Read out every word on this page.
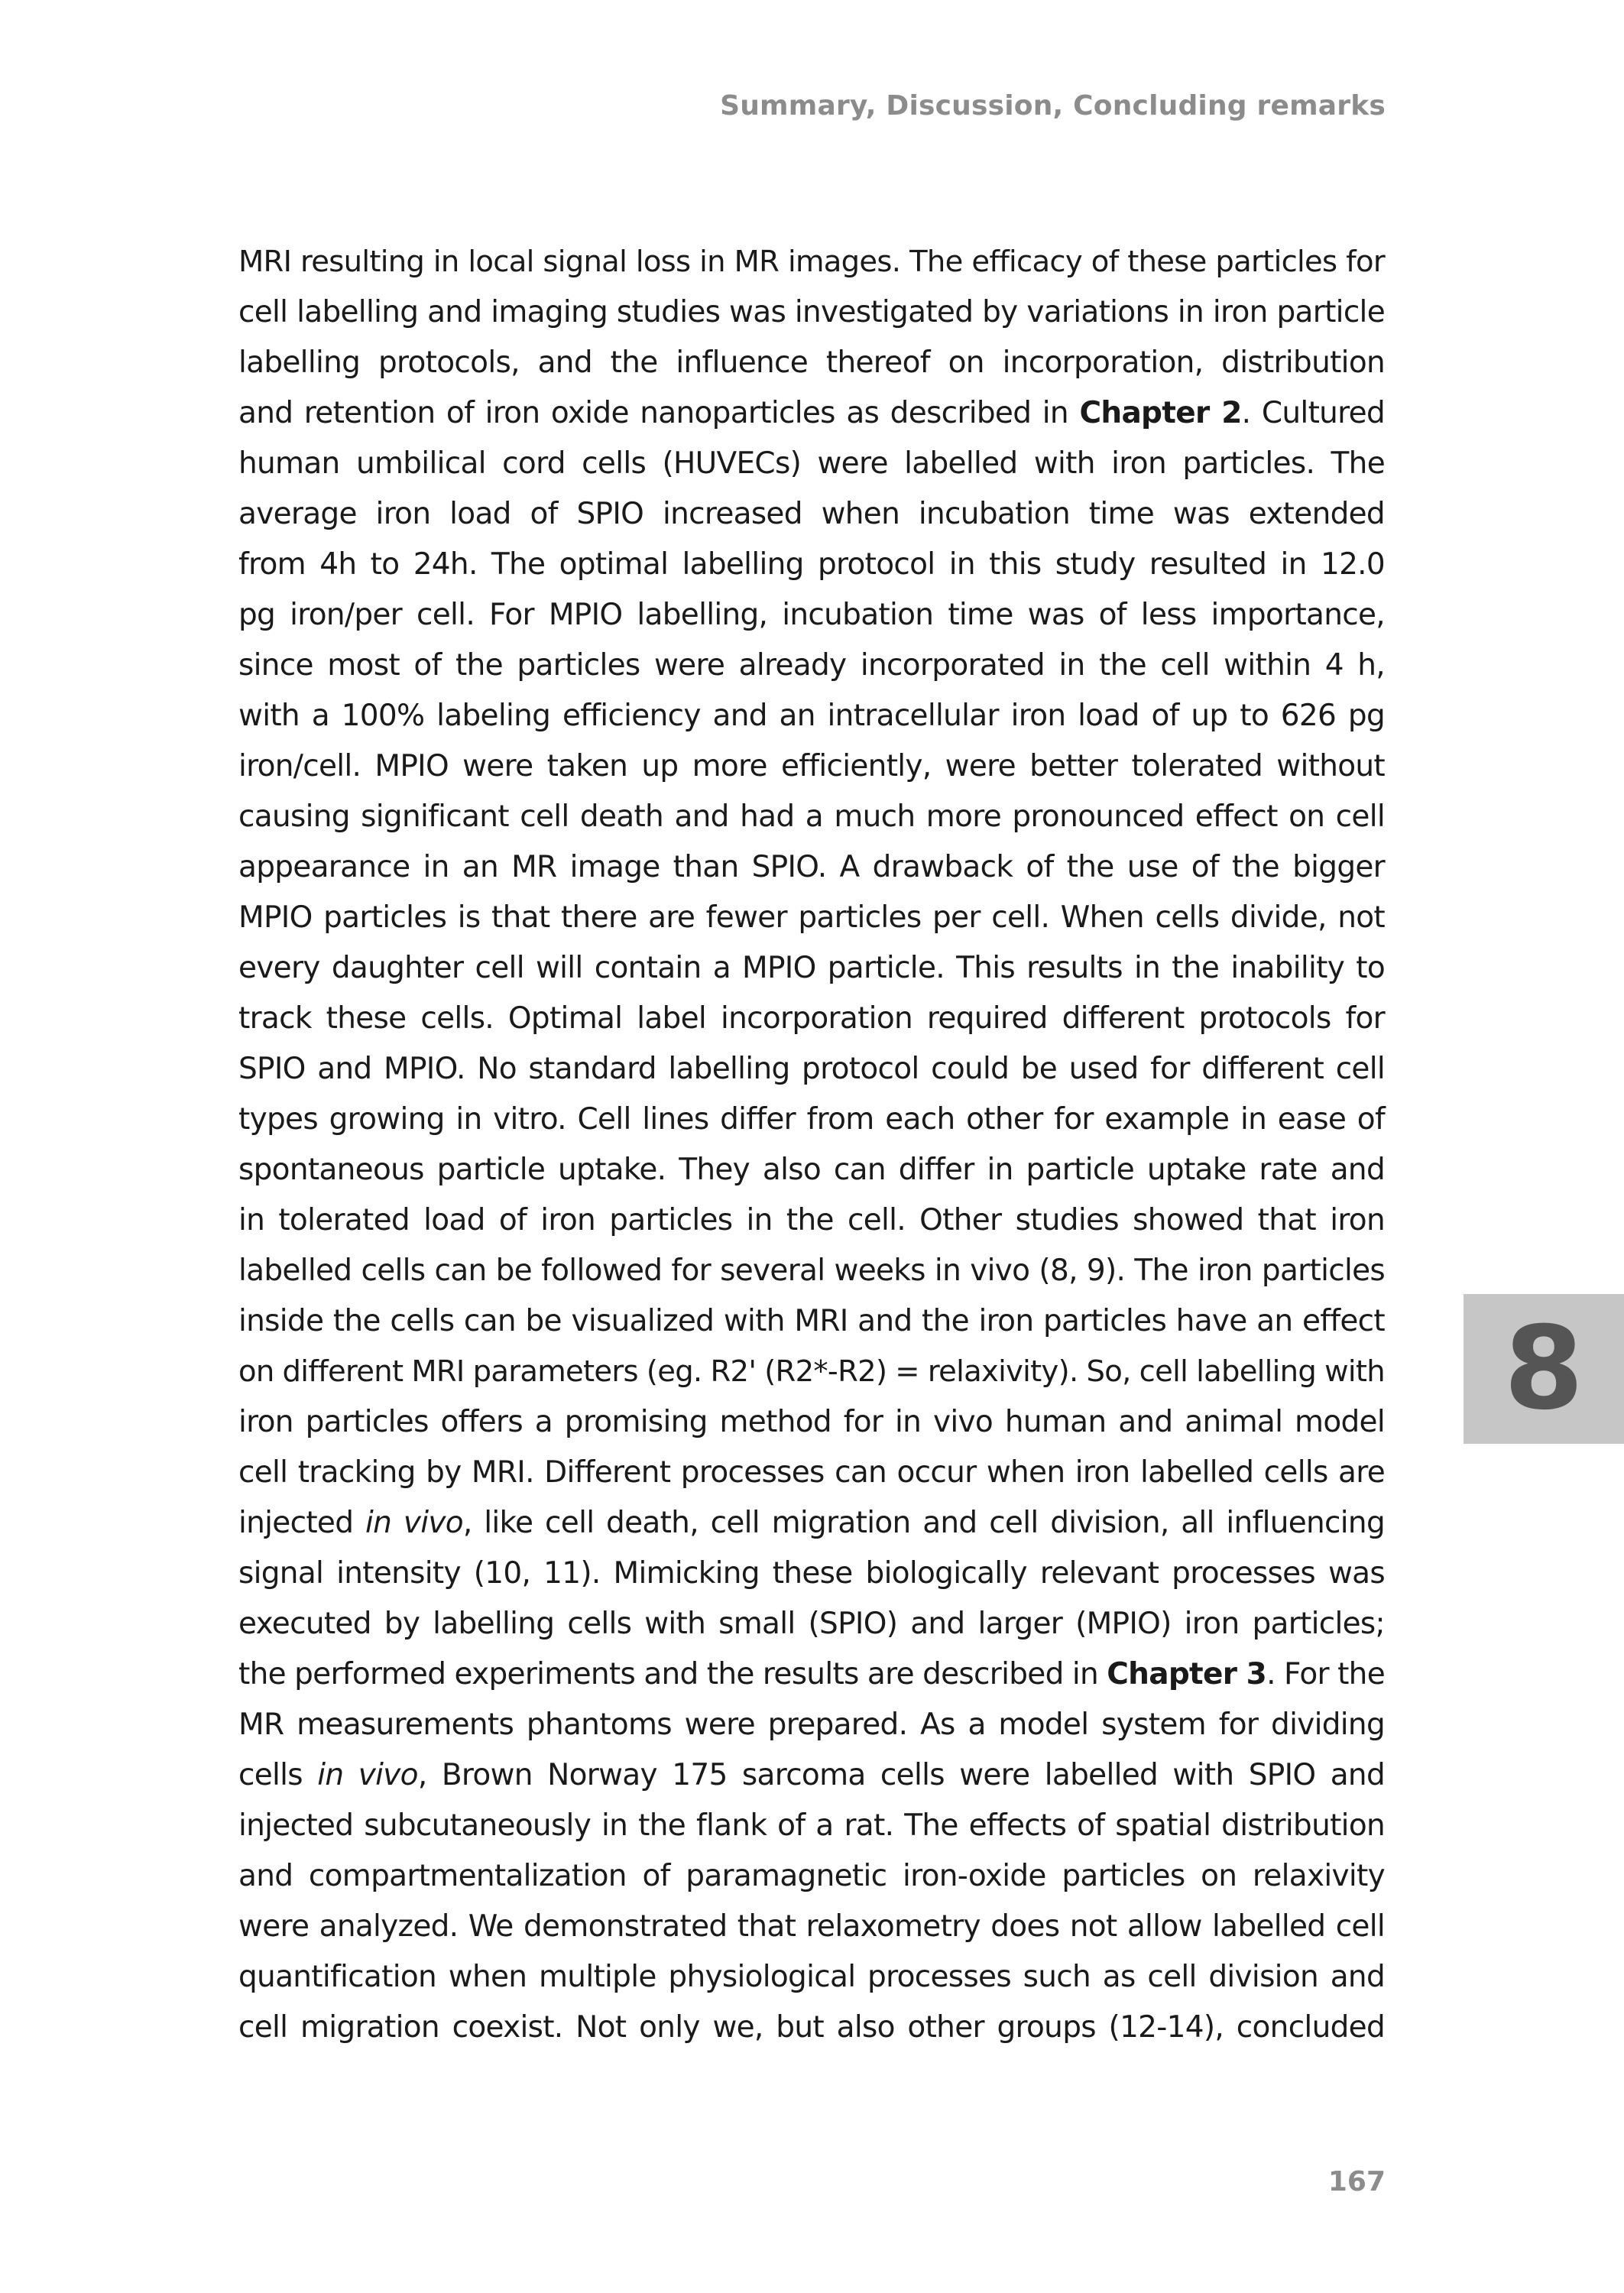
Summary, Discussion, Concluding remarks
MRI resulting in local signal loss in MR images. The efficacy of these particles for
cell labelling and imaging studies was investigated by variations in iron particle
labelling protocols, and the influence thereof on incorporation, distribution
and retention of iron oxide nanoparticles as described in Chapter 2. Cultured
human umbilical cord cells (HUVECs) were labelled with iron particles. The
average iron load of SPIO increased when incubation time was extended
from 4h to 24h. The optimal labelling protocol in this study resulted in 12.0
pg iron/per cell. For MPIO labelling, incubation time was of less importance,
since most of the particles were already incorporated in the cell within 4 h,
with a 100% labeling efficiency and an intracellular iron load of up to 626 pg
iron/cell. MPIO were taken up more efficiently, were better tolerated without
causing significant cell death and had a much more pronounced effect on cell
appearance in an MR image than SPIO. A drawback of the use of the bigger
MPIO particles is that there are fewer particles per cell. When cells divide, not
every daughter cell will contain a MPIO particle. This results in the inability to
track these cells. Optimal label incorporation required different protocols for
SPIO and MPIO. No standard labelling protocol could be used for different cell
types growing in vitro. Cell lines differ from each other for example in ease of
spontaneous particle uptake. They also can differ in particle uptake rate and
in tolerated load of iron particles in the cell. Other studies showed that iron
labelled cells can be followed for several weeks in vivo (8, 9). The iron particles
inside the cells can be visualized with MRI and the iron particles have an effect
on different MRI parameters (eg. R2' (R2*-R2) = relaxivity). So, cell labelling with
iron particles offers a promising method for in vivo human and animal model
cell tracking by MRI. Different processes can occur when iron labelled cells are
injected in vivo, like cell death, cell migration and cell division, all influencing
signal intensity (10, 11). Mimicking these biologically relevant processes was
executed by labelling cells with small (SPIO) and larger (MPIO) iron particles;
the performed experiments and the results are described in Chapter 3. For the
MR measurements phantoms were prepared. As a model system for dividing
cells in vivo, Brown Norway 175 sarcoma cells were labelled with SPIO and
injected subcutaneously in the flank of a rat. The effects of spatial distribution
and compartmentalization of paramagnetic iron-oxide particles on relaxivity
were analyzed. We demonstrated that relaxometry does not allow labelled cell
quantification when multiple physiological processes such as cell division and
cell migration coexist. Not only we, but also other groups (12-14), concluded
8
167
